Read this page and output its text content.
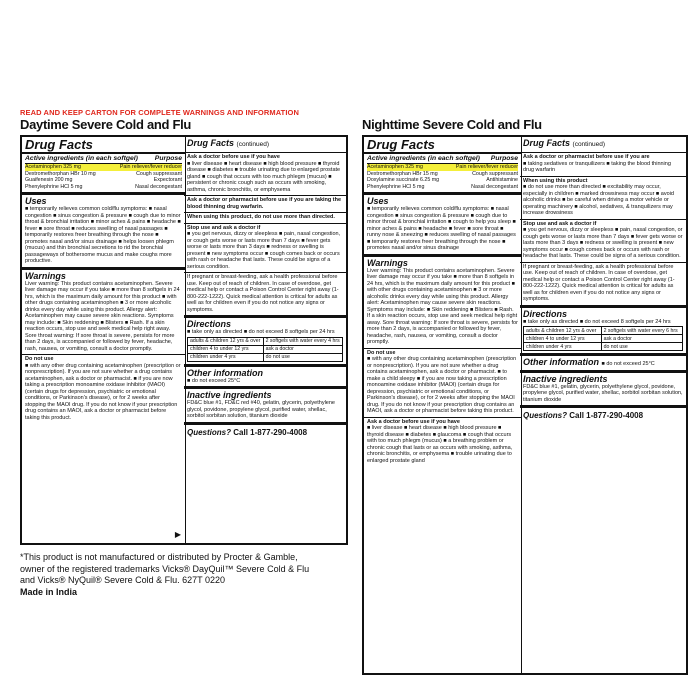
READ AND KEEP CARTON FOR COMPLETE WARNINGS AND INFORMATION
Daytime Severe Cold and Flu	Nighttime Severe Cold and Flu
Drug Facts
Active ingredients (in each softgel) Purpose
Acetaminophen 325 mg	Pain reliever/fever reducer
Dextromethorphan HBr 10 mg	Cough suppressant
Guaifenesin 200 mg	Expectorant
Phenylephrine HCl 5 mg	Nasal decongestant
Uses
■ temporarily relieves common cold/flu symptoms: ■ nasal congestion ■ sinus congestion & pressure ■ cough due to minor throat & bronchial irritation ■ minor aches & pains ■ headache ■ fever ■ sore throat ■ reduces swelling of nasal passages ■ temporarily restores freer breathing through the nose ■ promotes nasal and/or sinus drainage ■ helps loosen phlegm (mucus) and thin bronchial secretions to rid the bronchial passageways of bothersome mucus and make coughs more productive.
Warnings
Liver warning: This product contains acetaminophen. Severe liver damage may occur if you take ■ more than 8 softgels in 24 hrs, which is the maximum daily amount for this product ■ with other drugs containing acetaminophen ■ 3 or more alcoholic drinks every day while using this product. Allergy alert: Acetaminophen may cause severe skin reactions. Symptoms may include: ■ Skin reddening ■ Blisters ■ Rash. If a skin reaction occurs, stop use and seek medical help right away. Sore throat warning: If sore throat is severe, persists for more than 2 days, is accompanied or followed by fever, headache, rash, nausea, or vomiting, consult a doctor promptly.
Do not use
■ with any other drug containing acetaminophen (prescription or nonprescription). If you are not sure whether a drug contains acetaminophen, ask a doctor or pharmacist. ■ if you are now taking a prescription monoamine oxidase inhibitor (MAOI) (certain drugs for depression, psychiatric or emotional conditions, or Parkinson's disease), or for 2 weeks after stopping the MAOI drug. If you do not know if your prescription drug contains an MAOI, ask a doctor or pharmacist before taking this product.
▶
Drug Facts (continued)
Ask a doctor before use if you have
■ liver disease ■ heart disease ■ high blood pressure ■ thyroid disease ■ diabetes ■ trouble urinating due to enlarged prostate gland ■ cough that occurs with too much phlegm (mucus) ■ persistent or chronic cough such as occurs with smoking, asthma, chronic bronchitis, or emphysema
Ask a doctor or pharmacist before use if you are taking the blood thinning drug warfarin.
When using this product, do not use more than directed.
Stop use and ask a doctor if
■ you get nervous, dizzy or sleepless ■ pain, nasal congestion, or cough gets worse or lasts more than 7 days ■ fever gets worse or lasts more than 3 days ■ redness or swelling is present ■ new symptoms occur ■ cough comes back or occurs with rash or headache that lasts. These could be signs of a serious condition.
If pregnant or breast-feeding, ask a health professional before use. Keep out of reach of children. In case of overdose, get medical help or contact a Poison Control Center right away (1-800-222-1222). Quick medical attention is critical for adults as well as for children even if you do not notice any signs or symptoms.
Directions
■ take only as directed ■ do not exceed 8 softgels per 24 hrs
adults & children 12 yrs & over	2 softgels with water every 4 hrs
children 4 to under 12 yrs	ask a doctor
children under 4 yrs	do not use
Other information
■ do not exceed 25°C
Inactive ingredients
FD&C blue #1, FD&C red #40, gelatin, glycerin, polyethylene glycol, povidone, propylene glycol, purified water, shellac, sorbitol sorbitan solution, titanium dioxide
Questions? Call 1-877-290-4008
Drug Facts
Active ingredients (in each softgel) Purpose
Acetaminophen 325 mg	Pain reliever/fever reducer
Dextromethorphan HBr 15 mg	Cough suppressant
Doxylamine succinate 6.25 mg	Antihistamine
Phenylephrine HCl 5 mg	Nasal decongestant
Uses
■ temporarily relieves common cold/flu symptoms: ■ nasal congestion ■ sinus congestion & pressure ■ cough due to minor throat & bronchial irritation ■ cough to help you sleep ■ minor aches & pains ■ headache ■ fever ■ sore throat ■ runny nose & sneezing ■ reduces swelling of nasal passages ■ temporarily restores freer breathing through the nose ■ promotes nasal and/or sinus drainage
Warnings
Liver warning: This product contains acetaminophen. Severe liver damage may occur if you take ■ more than 8 softgels in 24 hrs, which is the maximum daily amount for this product ■ with other drugs containing acetaminophen ■ 3 or more alcoholic drinks every day while using this product. Allergy alert: Acetaminophen may cause severe skin reactions. Symptoms may include: ■ Skin reddening ■ Blisters ■ Rash. If a skin reaction occurs, stop use and seek medical help right away. Sore throat warning: If sore throat is severe, persists for more than 2 days, is accompanied or followed by fever, headache, rash, nausea, or vomiting, consult a doctor promptly.
Do not use
■ with any other drug containing acetaminophen (prescription or nonprescription). If you are not sure whether a drug contains acetaminophen, ask a doctor or pharmacist. ■ to make a child sleepy ■ if you are now taking a prescription monoamine oxidase inhibitor (MAOI) (certain drugs for depression, psychiatric or emotional conditions, or Parkinson's disease), or for 2 weeks after stopping the MAOI drug. If you do not know if your prescription drug contains an MAOI, ask a doctor or pharmacist before taking this product.
Ask a doctor before use if you have
■ liver disease ■ heart disease ■ high blood pressure ■ thyroid disease ■ diabetes ■ glaucoma ■ cough that occurs with too much phlegm (mucus) ■ a breathing problem or chronic cough that lasts or as occurs with smoking, asthma, chronic bronchitis, or emphysema ■ trouble urinating due to enlarged prostate gland
Drug Facts (continued)
Ask a doctor or pharmacist before use if you are
■ taking sedatives or tranquilizers ■ taking the blood thinning drug warfarin
When using this product
■ do not use more than directed ■ excitability may occur, especially in children ■ marked drowsiness may occur ■ avoid alcoholic drinks ■ be careful when driving a motor vehicle or operating machinery ■ alcohol, sedatives, & tranquilizers may increase drowsiness
Stop use and ask a doctor if
■ you get nervous, dizzy or sleepless ■ pain, nasal congestion, or cough gets worse or lasts more than 7 days ■ fever gets worse or lasts more than 3 days ■ redness or swelling is present ■ new symptoms occur ■ cough comes back or occurs with rash or headache that lasts. These could be signs of a serious condition.
If pregnant or breast-feeding, ask a health professional before use. Keep out of reach of children. In case of overdose, get medical help or contact a Poison Control Center right away (1-800-222-1222). Quick medical attention is critical for adults as well as for children even if you do not notice any signs or symptoms.
Directions
■ take only as directed ■ do not exceed 8 softgels per 24 hrs
adults & children 12 yrs & over	2 softgels with water every 6 hrs
children 4 to under 12 yrs	ask a doctor
children under 4 yrs	do not use
Other information ■ do not exceed 25°C
Inactive ingredients
FD&C blue #1, gelatin, glycerin, polyethylene glycol, povidone, propylene glycol, purified water, shellac, sorbitol sorbitan solution, titanium dioxide
Questions? Call 1-877-290-4008
*This product is not manufactured or distributed by Procter & Gamble, owner of the registered trademarks Vicks® DayQuil™ Severe Cold & Flu and Vicks® NyQuil® Severe Cold & Flu. 627T 0220
Made in India
